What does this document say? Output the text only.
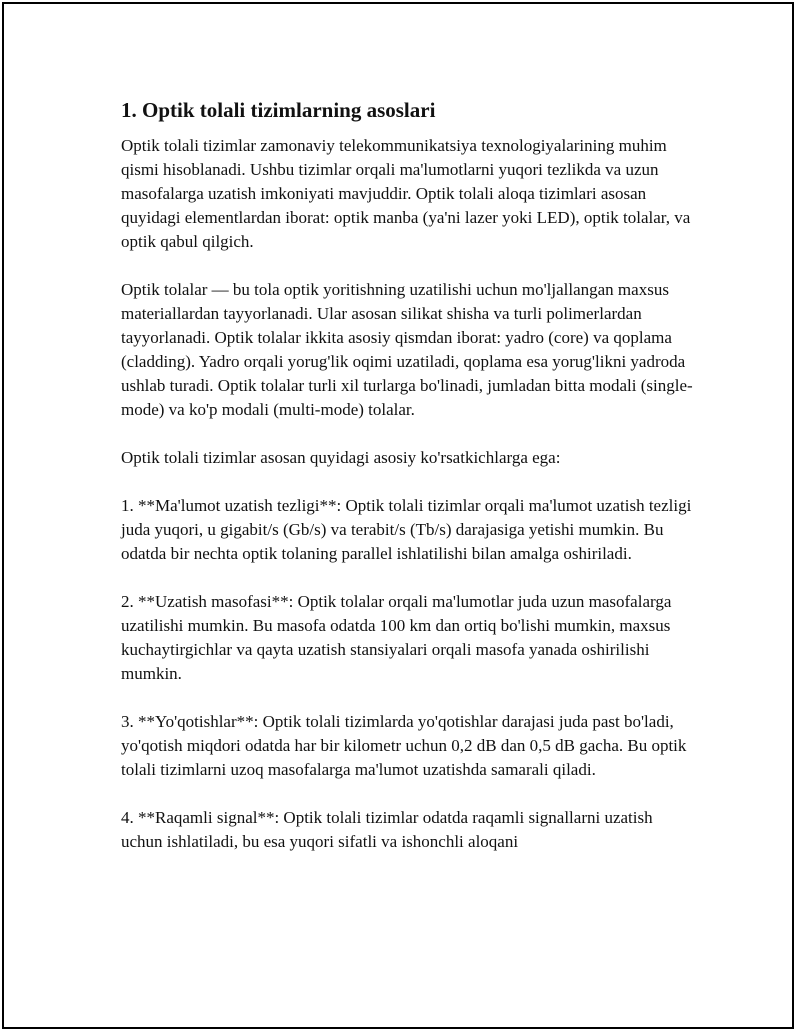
1. Optik tolali tizimlarning asoslari

Optik tolali tizimlar zamonaviy telekommunikatsiya texnologiyalarining muhim qismi hisoblanadi. Ushbu tizimlar orqali ma'lumotlarni yuqori tezlikda va uzun masofalarga uzatish imkoniyati mavjuddir. Optik tolali aloqa tizimlari asosan quyidagi elementlardan iborat: optik manba (ya'ni lazer yoki LED), optik tolalar, va optik qabul qilgich.

Optik tolalar — bu tola optik yoritishning uzatilishi uchun mo'ljallangan maxsus materiallardan tayyorlanadi. Ular asosan silikat shisha va turli polimerlardan tayyorlanadi. Optik tolalar ikkita asosiy qismdan iborat: yadro (core) va qoplama (cladding). Yadro orqali yorug'lik oqimi uzatiladi, qoplama esa yorug'likni yadroda ushlab turadi. Optik tolalar turli xil turlarga bo'linadi, jumladan bitta modali (single-mode) va ko'p modali (multi-mode) tolalar.

Optik tolali tizimlar asosan quyidagi asosiy ko'rsatkichlarga ega:

1. **Ma'lumot uzatish tezligi**: Optik tolali tizimlar orqali ma'lumot uzatish tezligi juda yuqori, u gigabit/s (Gb/s) va terabit/s (Tb/s) darajasiga yetishi mumkin. Bu odatda bir nechta optik tolaning parallel ishlatilishi bilan amalga oshiriladi.

2. **Uzatish masofasi**: Optik tolalar orqali ma'lumotlar juda uzun masofalarga uzatilishi mumkin. Bu masofa odatda 100 km dan ortiq bo'lishi mumkin, maxsus kuchaytirgichlar va qayta uzatish stansiyalari orqali masofa yanada oshirilishi mumkin.

3. **Yo'qotishlar**: Optik tolali tizimlarda yo'qotishlar darajasi juda past bo'ladi, yo'qotish miqdori odatda har bir kilometr uchun 0,2 dB dan 0,5 dB gacha. Bu optik tolali tizimlarni uzoq masofalarga ma'lumot uzatishda samarali qiladi.

4. **Raqamli signal**: Optik tolali tizimlar odatda raqamli signallarni uzatish uchun ishlatiladi, bu esa yuqori sifatli va ishonchli aloqani
